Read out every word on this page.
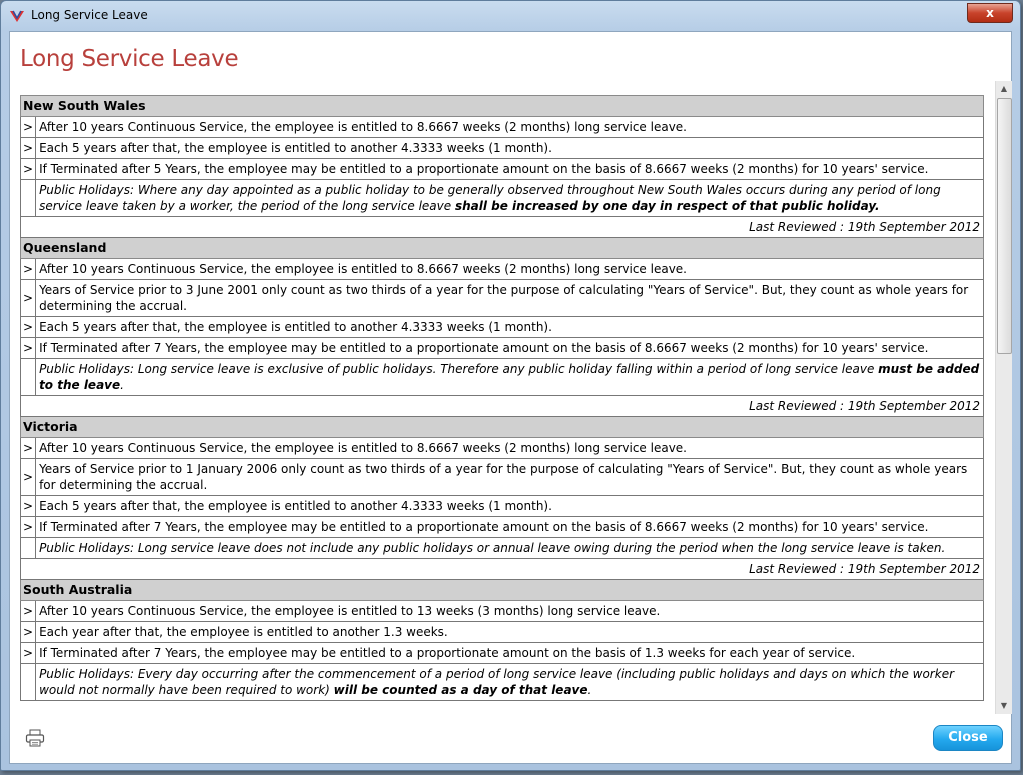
Long Service Leave	x
Long Service Leave
New South Wales	
>	After 10 years Continuous Service, the employee is entitled to 8.6667 weeks (2 months) long service leave.
>	Each 5 years after that, the employee is entitled to another 4.3333 weeks (1 month).
>	If Terminated after 5 Years, the employee may be entitled to a proportionate amount on the basis of 8.6667 weeks (2 months) for 10 years' service.
	Public Holidays: Where any day appointed as a public holiday to be generally observed throughout New South Wales occurs during any period of long service leave taken by a worker, the period of the long service leave shall be increased by one day in respect of that public holiday.
Last Reviewed : 19th September 2012	
Queensland	
>	After 10 years Continuous Service, the employee is entitled to 8.6667 weeks (2 months) long service leave.
>	Years of Service prior to 3 June 2001 only count as two thirds of a year for the purpose of calculating "Years of Service". But, they count as whole years for determining the accrual.
>	Each 5 years after that, the employee is entitled to another 4.3333 weeks (1 month).
>	If Terminated after 7 Years, the employee may be entitled to a proportionate amount on the basis of 8.6667 weeks (2 months) for 10 years' service.
	Public Holidays: Long service leave is exclusive of public holidays. Therefore any public holiday falling within a period of long service leave must be added to the leave.
Last Reviewed : 19th September 2012	
Victoria	
>	After 10 years Continuous Service, the employee is entitled to 8.6667 weeks (2 months) long service leave.
>	Years of Service prior to 1 January 2006 only count as two thirds of a year for the purpose of calculating "Years of Service". But, they count as whole years for determining the accrual.
>	Each 5 years after that, the employee is entitled to another 4.3333 weeks (1 month).
>	If Terminated after 7 Years, the employee may be entitled to a proportionate amount on the basis of 8.6667 weeks (2 months) for 10 years' service.
	Public Holidays: Long service leave does not include any public holidays or annual leave owing during the period when the long service leave is taken.
Last Reviewed : 19th September 2012	
South Australia	
>	After 10 years Continuous Service, the employee is entitled to 13 weeks (3 months) long service leave.
>	Each year after that, the employee is entitled to another 1.3 weeks.
>	If Terminated after 7 Years, the employee may be entitled to a proportionate amount on the basis of 1.3 weeks for each year of service.
	Public Holidays: Every day occurring after the commencement of a period of long service leave (including public holidays and days on which the worker would not normally have been required to work) will be counted as a day of that leave.
▲
▼
Close
